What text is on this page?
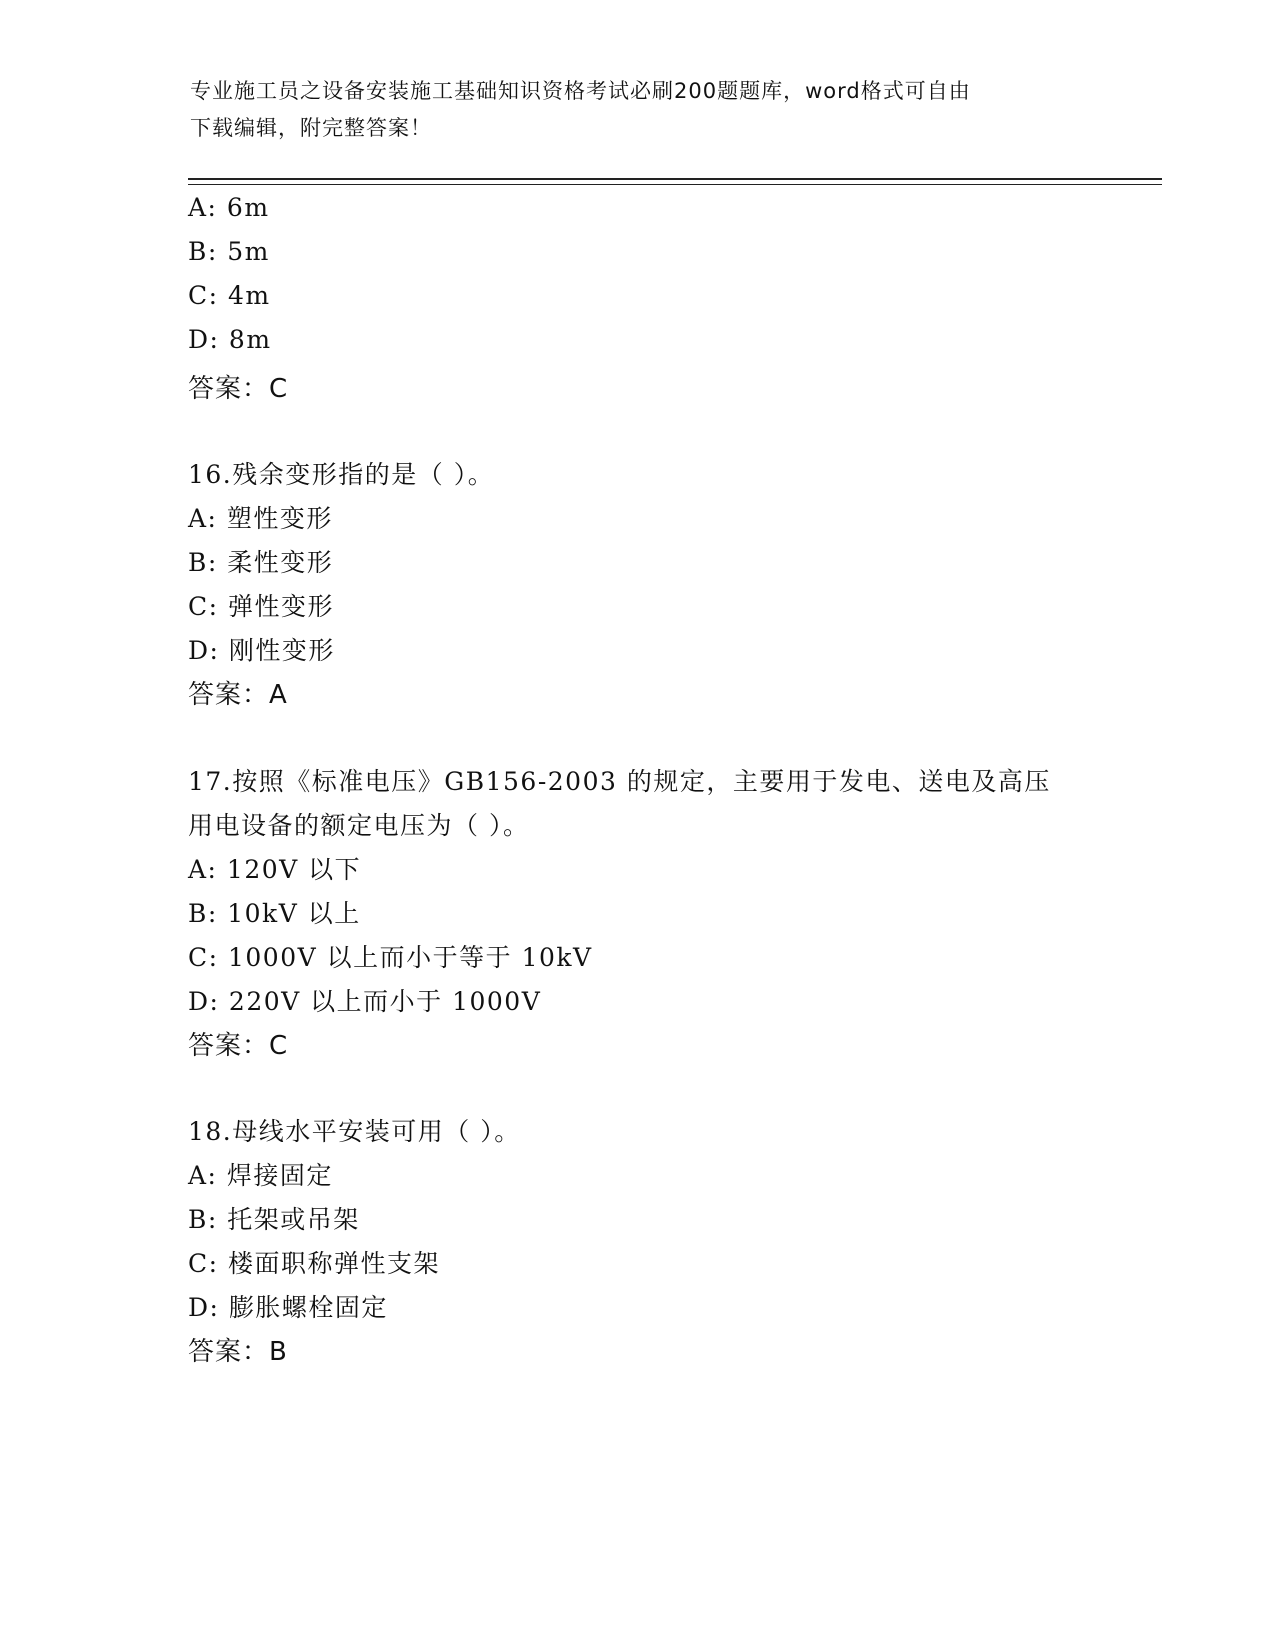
专业施工员之设备安装施工基础知识资格考试必刷200题题库，word格式可自由
下载编辑，附完整答案！
A: 6m
B: 5m
C: 4m
D: 8m
答案：C
16.残余变形指的是（ ）。
A: 塑性变形
B: 柔性变形
C: 弹性变形
D: 刚性变形
答案：A
17.按照《标准电压》GB156-2003 的规定，主要用于发电、送电及高压
用电设备的额定电压为（ ）。
A: 120V 以下
B: 10kV 以上
C: 1000V 以上而小于等于 10kV
D: 220V 以上而小于 1000V
答案：C
18.母线水平安装可用（ ）。
A: 焊接固定
B: 托架或吊架
C: 楼面职称弹性支架
D: 膨胀螺栓固定
答案：B
